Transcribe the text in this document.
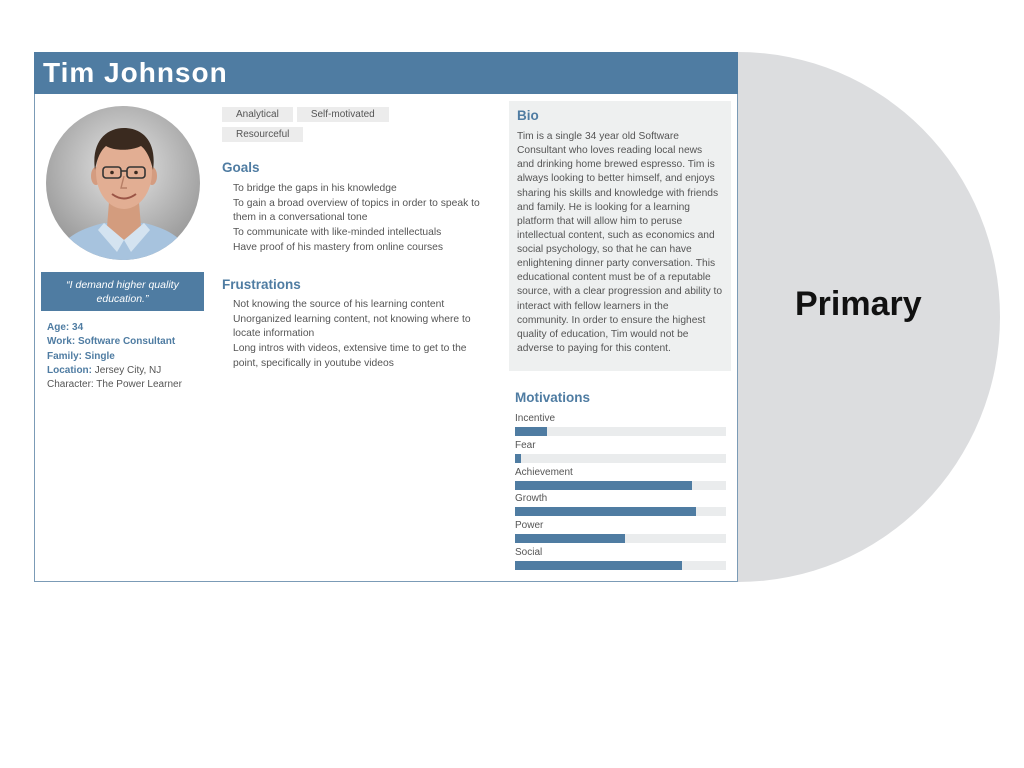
Primary
Tim Johnson
“I demand higher quality education.”
Age: 34
Work: Software Consultant
Family: Single
Location: Jersey City, NJ
Character: The Power Learner
Analytical	Self-motivated
Resourceful
Goals
To bridge the gaps in his knowledge
To gain a broad overview of topics in order to speak to them in a conversational tone
To communicate with like-minded intellectuals
Have proof of his mastery from online courses
Frustrations
Not knowing the source of his learning content
Unorganized learning content, not knowing where to locate information
Long intros with videos, extensive time to get to the point, specifically in youtube videos
Bio
Tim is a single 34 year old Software
Consultant who loves reading local news
and drinking home brewed espresso. Tim is
always looking to better himself, and enjoys
sharing his skills and knowledge with friends
and family. He is looking for a learning
platform that will allow him to peruse
intellectual content, such as economics and
social psychology, so that he can have
enlightening dinner party conversation. This
educational content must be of a reputable
source, with a clear progression and ability to
interact with fellow learners in the
community. In order to ensure the highest
quality of education, Tim would not be
adverse to paying for this content.
Motivations
Incentive
Fear
Achievement
Growth
Power
Social
